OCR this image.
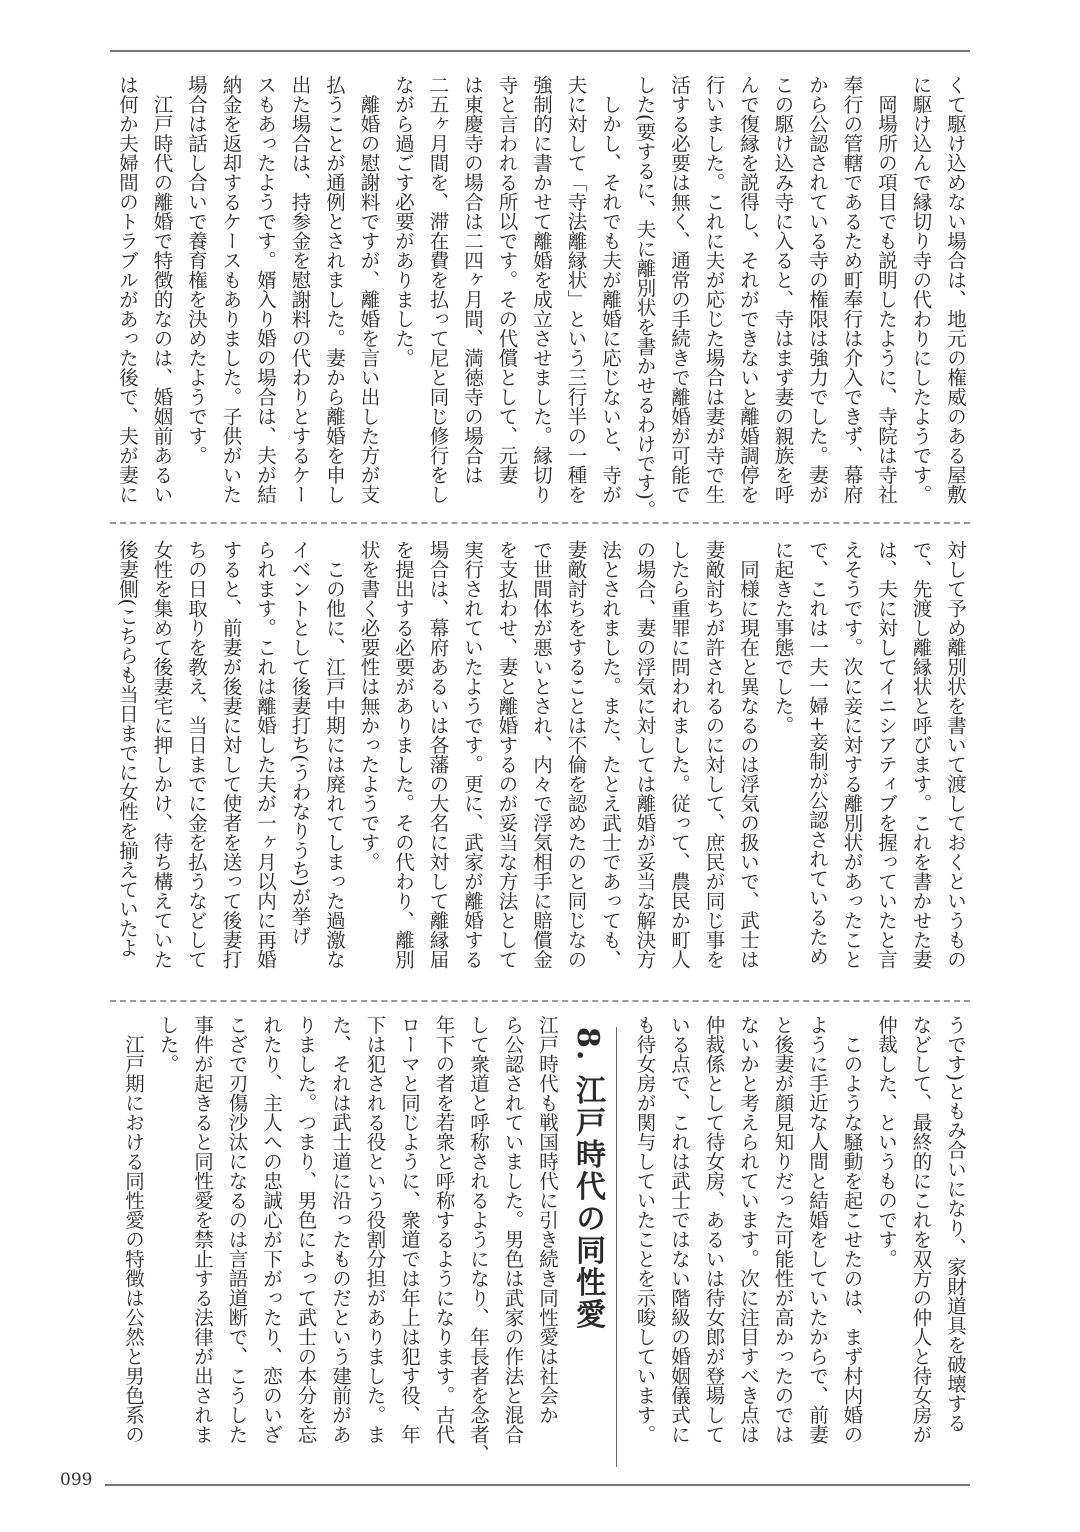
くて駆け込めない場合は、地元の権威のある屋敷

に駆け込んで縁切り寺の代わりにしたようです。

　岡場所の項目でも説明したように、寺院は寺社

奉行の管轄であるため町奉行は介入できず、幕府

から公認されている寺の権限は強力でした。妻が

この駆け込み寺に入ると、寺はまず妻の親族を呼

んで復縁を説得し、それができないと離婚調停を

行いました。これに夫が応じた場合は妻が寺で生

活する必要は無く、通常の手続きで離婚が可能で

した(要するに、夫に離別状を書かせるわけです)。

　しかし、それでも夫が離婚に応じないと、寺が

夫に対して「寺法離縁状」という三行半の一種を

強制的に書かせて離婚を成立させました。縁切り

寺と言われる所以です。その代償として、元妻

は東慶寺の場合は二四ヶ月間、満徳寺の場合は

二五ヶ月間を、滞在費を払って尼と同じ修行をし

ながら過ごす必要がありました。

　離婚の慰謝料ですが、離婚を言い出した方が支

払うことが通例とされました。妻から離婚を申し

出た場合は、持参金を慰謝料の代わりとするケー

スもあったようです。婿入り婚の場合は、夫が結

納金を返却するケースもありました。子供がいた

場合は話し合いで養育権を決めたようです。

　江戸時代の離婚で特徴的なのは、婚姻前あるい

は何か夫婦間のトラブルがあった後で、夫が妻に

対して予め離別状を書いて渡しておくというもの

で、先渡し離縁状と呼びます。これを書かせた妻

は、夫に対してイニシアティブを握っていたと言

えそうです。次に妾に対する離別状があったこと

で、これは一夫一婦+妾制が公認されているため

に起きた事態でした。

　同様に現在と異なるのは浮気の扱いで、武士は

妻敵討ちが許されるのに対して、庶民が同じ事を

したら重罪に問われました。従って、農民か町人

の場合、妻の浮気に対しては離婚が妥当な解決方

法とされました。また、たとえ武士であっても、

妻敵討ちをすることは不倫を認めたのと同じなの

で世間体が悪いとされ、内々で浮気相手に賠償金

を支払わせ、妻と離婚するのが妥当な方法として

実行されていたようです。更に、武家が離婚する

場合は、幕府あるいは各藩の大名に対して離縁届

を提出する必要がありました。その代わり、離別

状を書く必要性は無かったようです。

　この他に、江戸中期には廃れてしまった過激な

イベントとして後妻打ち(うわなりうち)が挙げ

られます。これは離婚した夫が一ヶ月以内に再婚

すると、前妻が後妻に対して使者を送って後妻打

ちの日取りを教え、当日までに金を払うなどして

女性を集めて後妻宅に押しかけ、待ち構えていた

後妻側(こちらも当日までに女性を揃えていたよ

うです)ともみ合いになり、家財道具を破壊する

などして、最終的にこれを双方の仲人と待女房が

仲裁した、というものです。

　このような騒動を起こせたのは、まず村内婚の

ように手近な人間と結婚をしていたからで、前妻

と後妻が顔見知りだった可能性が高かったのでは

ないかと考えられています。次に注目すべき点は

仲裁係として待女房、あるいは待女郎が登場して

いる点で、これは武士ではない階級の婚姻儀式に

も待女房が関与していたことを示唆しています。

8. 江戸時代の同性愛

江戸時代も戦国時代に引き続き同性愛は社会か

ら公認されていました。男色は武家の作法と混合

して衆道と呼称されるようになり、年長者を念者、

年下の者を若衆と呼称するようになります。古代

ローマと同じように、衆道では年上は犯す役、年

下は犯される役という役割分担がありました。ま

た、それは武士道に沿ったものだという建前があ

りました。つまり、男色によって武士の本分を忘

れたり、主人への忠誠心が下がったり、恋のいざ

こざで刃傷沙汰になるのは言語道断で、こうした

事件が起きると同性愛を禁止する法律が出されま

した。

　江戸期における同性愛の特徴は公然と男色系の

099
